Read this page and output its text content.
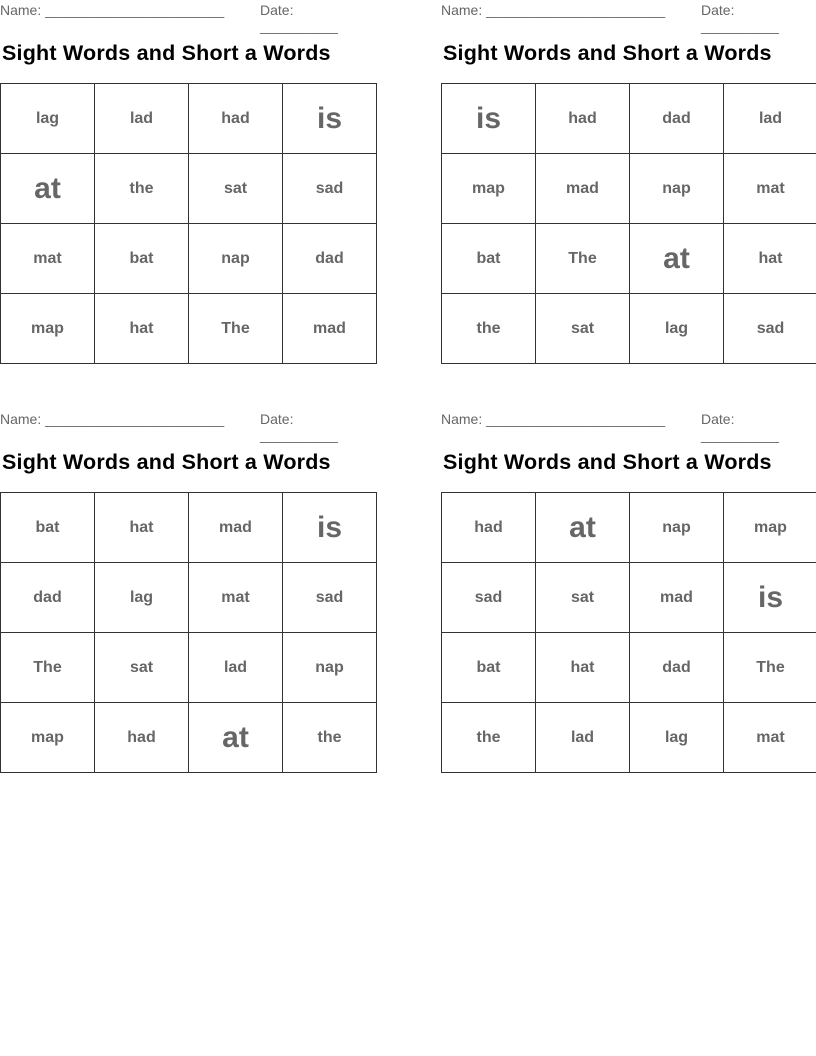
Name: _______________________	Date: __________
Sight Words and Short a Words
lag	lad	had	is
at	the	sat	sad
mat	bat	nap	dad
map	hat	The	mad
Name: _______________________	Date: __________
Sight Words and Short a Words
is	had	dad	lad
map	mad	nap	mat
bat	The	at	hat
the	sat	lag	sad
Name: _______________________	Date: __________
Sight Words and Short a Words
bat	hat	mad	is
dad	lag	mat	sad
The	sat	lad	nap
map	had	at	the
Name: _______________________	Date: __________
Sight Words and Short a Words
had	at	nap	map
sad	sat	mad	is
bat	hat	dad	The
the	lad	lag	mat
